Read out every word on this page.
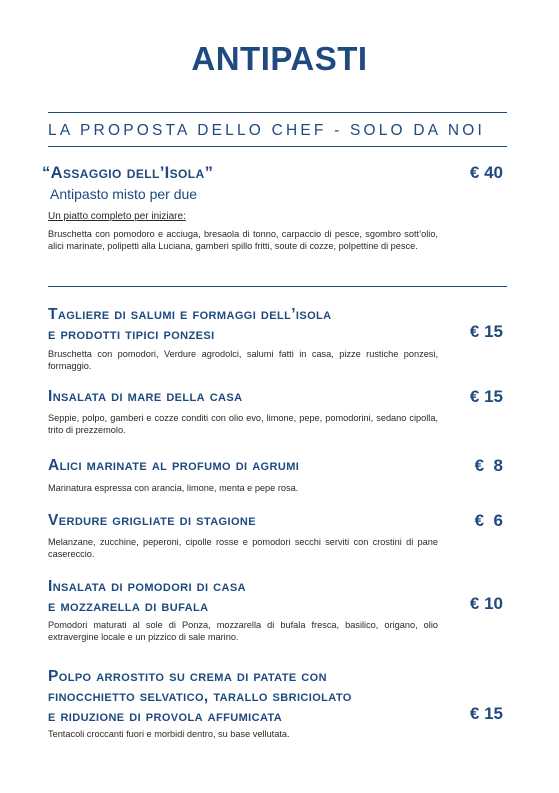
ANTIPASTI
LA PROPOSTA DELLO CHEF - SOLO DA NOI
“Assaggio dell’Isola”	€ 40
Antipasto misto per due
Un piatto completo per iniziare:

Bruschetta con pomodoro e acciuga, bresaola di tonno, carpaccio di pesce, sgombro sott’olio, alici marinate, polipetti alla Luciana, gamberi spillo fritti, soute di cozze, polpettine di pesce.

Tagliere di salumi e formaggi dell’isola
e prodotti tipici ponzesi	€ 15

Bruschetta con pomodori, Verdure agrodolci, salumi fatti in casa, pizze rustiche ponzesi, formaggio.

Insalata di mare della casa	€ 15

Seppie, polpo, gamberi e cozze conditi con olio evo, limone, pepe, pomodorini, sedano cipolla, trito di prezzemolo.

Alici marinate al profumo di agrumi	€  8

Marinatura espressa con arancia, limone, menta e pepe rosa.

Verdure grigliate di stagione	€  6

Melanzane, zucchine, peperoni, cipolle rosse e pomodori secchi serviti con crostini di pane casereccio.

Insalata di pomodori di casa
e mozzarella di bufala	€ 10

Pomodori maturati al sole di Ponza, mozzarella di bufala fresca, basilico, origano, olio extravergine locale e un pizzico di sale marino.

Polpo arrostito su crema di patate con
finocchietto selvatico, tarallo sbriciolato
e riduzione di provola affumicata	€ 15

Tentacoli croccanti fuori e morbidi dentro, su base vellutata.
